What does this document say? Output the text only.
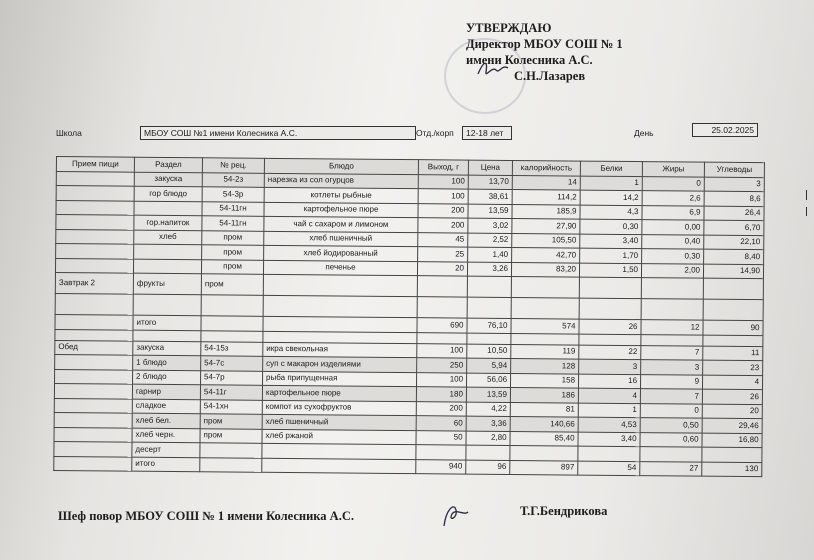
УТВЕРЖДАЮ
Директор МБОУ СОШ № 1
имени Колесника А.С.
С.Н.Лазарев
Школа	МБОУ СОШ №1 имени Колесника А.С.	Отд./корп	12-18 лет	День	25.02.2025
Прием пищи	Раздел	№ рец.	Блюдо	Выход, г	Цена	калорийность	Белки	Жиры	Углеводы
	закуска	54-2з	нарезка из сол огурцов	100	13,70	14	1	0	3
	гор блюдо	54-3р	котлеты рыбные	100	38,61	114,2	14,2	2,6	8,6
		54-11гн	картофельное пюре	200	13,59	185,9	4,3	6,9	26,4
	гор.напиток	54-11гн	чай с сахаром и лимоном	200	3,02	27,90	0,30	0,00	6,70
	хлеб	пром	хлеб пшеничный	45	2,52	105,50	3,40	0,40	22,10
		пром	хлеб йодированный	25	1,40	42,70	1,70	0,30	8,40
		пром	печенье	20	3,26	83,20	1,50	2,00	14,90
Завтрак 2	фрукты	пром							

	итого			690	76,10	574	26	12	90

Обед	закуска	54-15з	икра свекольная	100	10,50	119	22	7	11
	1 блюдо	54-7с	суп с макарон изделиями	250	5,94	128	3	3	23
	2 блюдо	54-7р	рыба припущенная	100	56,06	158	16	9	4
	гарнир	54-11г	картофельное пюре	180	13,59	186	4	7	26
	сладкое	54-1хн	компот из сухофруктов	200	4,22	81	1	0	20
	хлеб бел.	пром	хлеб пшеничный	60	3,36	140,66	4,53	0,50	29,46
	хлеб черн.	пром	хлеб ржаной	50	2,80	85,40	3,40	0,60	16,80
	десерт								
	итого			940	96	897	54	27	130
Шеф повор МБОУ СОШ № 1 имени Колесника А.С.	Т.Г.Бендрикова
